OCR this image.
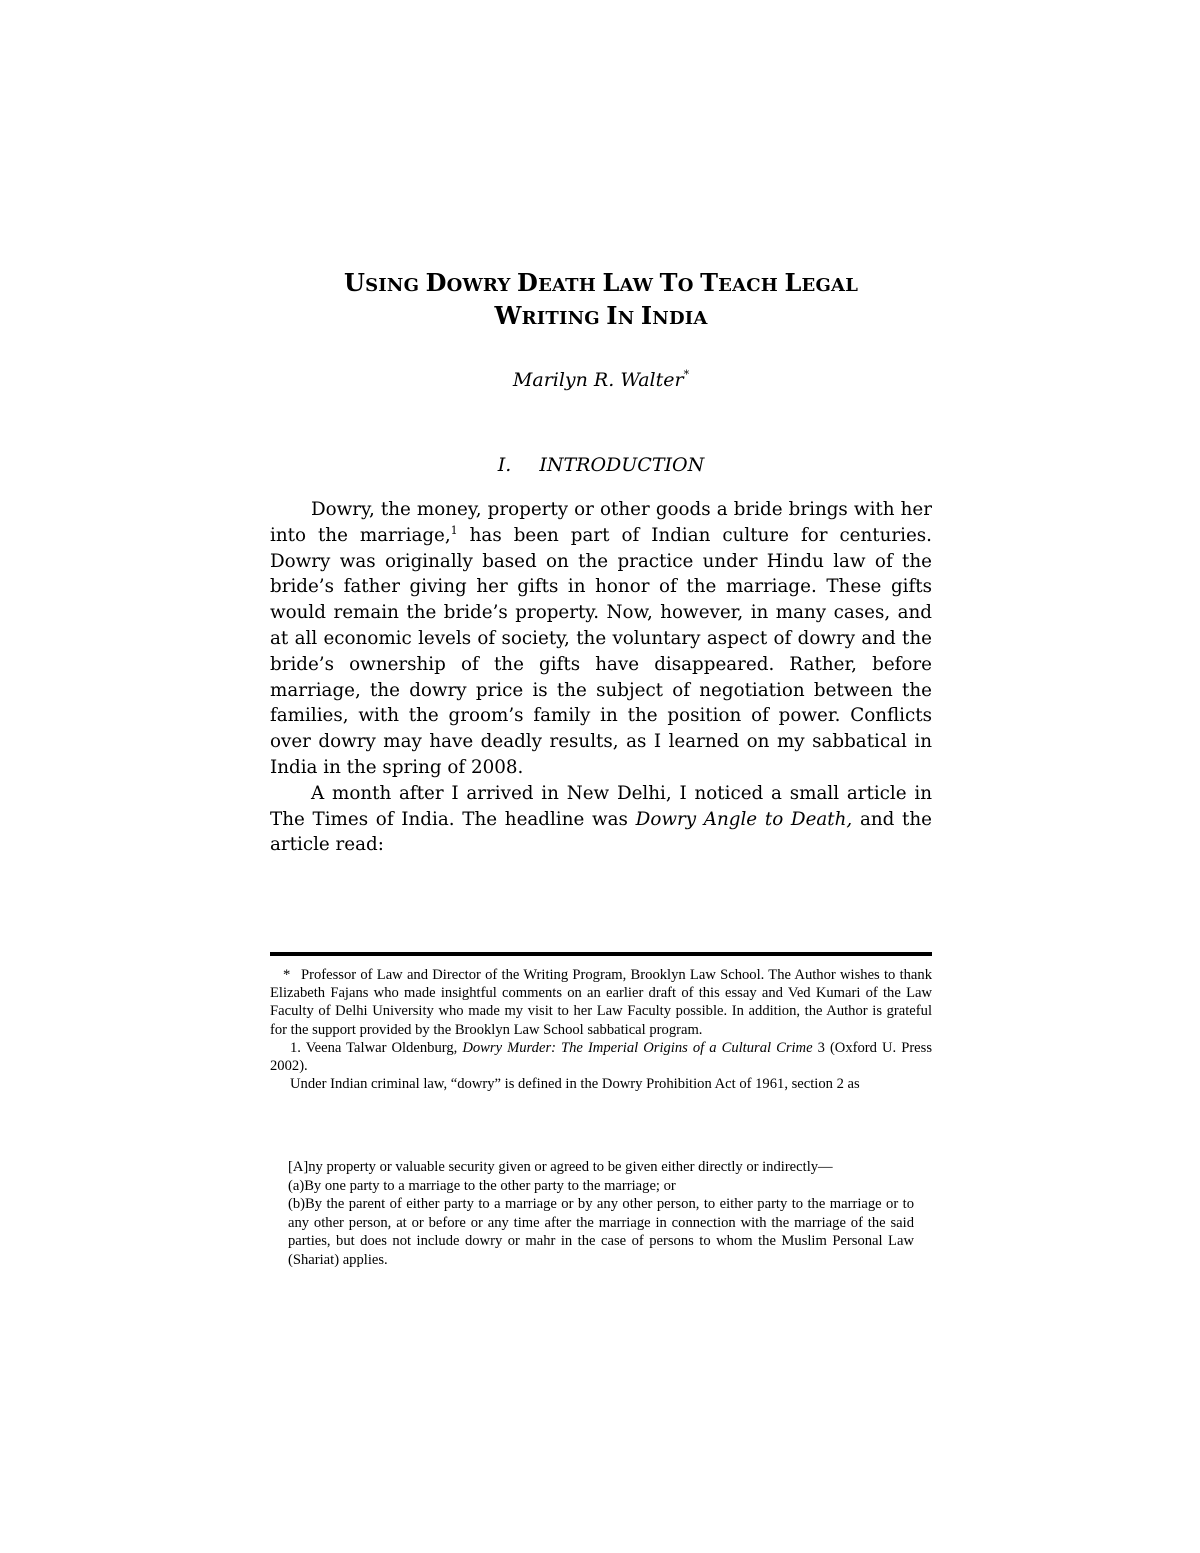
USING DOWRY DEATH LAW TO TEACH LEGAL
WRITING IN INDIA
Marilyn R. Walter*
I. INTRODUCTION

Dowry, the money, property or other goods a bride brings with her into the marriage,$^1$ has been part of Indian culture for centuries. Dowry was originally based on the practice under Hindu law of the bride’s father giving her gifts in honor of the marriage. These gifts would remain the bride’s property. Now, however, in many cases, and at all economic levels of society, the voluntary aspect of dowry and the bride’s ownership of the gifts have disappeared. Rather, before marriage, the dowry price is the subject of negotiation between the families, with the groom’s family in the position of power. Conflicts over dowry may have deadly results, as I learned on my sabbatical in India in the spring of 2008.

A month after I arrived in New Delhi, I noticed a small article in The Times of India. The headline was Dowry Angle to Death, and the article read:

* Professor of Law and Director of the Writing Program, Brooklyn Law School. The Author wishes to thank Elizabeth Fajans who made insightful comments on an earlier draft of this essay and Ved Kumari of the Law Faculty of Delhi University who made my visit to her Law Faculty possible. In addition, the Author is grateful for the support provided by the Brooklyn Law School sabbatical program.

1. Veena Talwar Oldenburg, Dowry Murder: The Imperial Origins of a Cultural Crime 3 (Oxford U. Press 2002).

Under Indian criminal law, “dowry” is defined in the Dowry Prohibition Act of 1961, section 2 as

[A]ny property or valuable security given or agreed to be given either directly or indirectly—

(a)By one party to a marriage to the other party to the marriage; or

(b)By the parent of either party to a marriage or by any other person, to either party to the marriage or to any other person, at or before or any time after the marriage in connection with the marriage of the said parties, but does not include dowry or mahr in the case of persons to whom the Muslim Personal Law (Shariat) applies.
